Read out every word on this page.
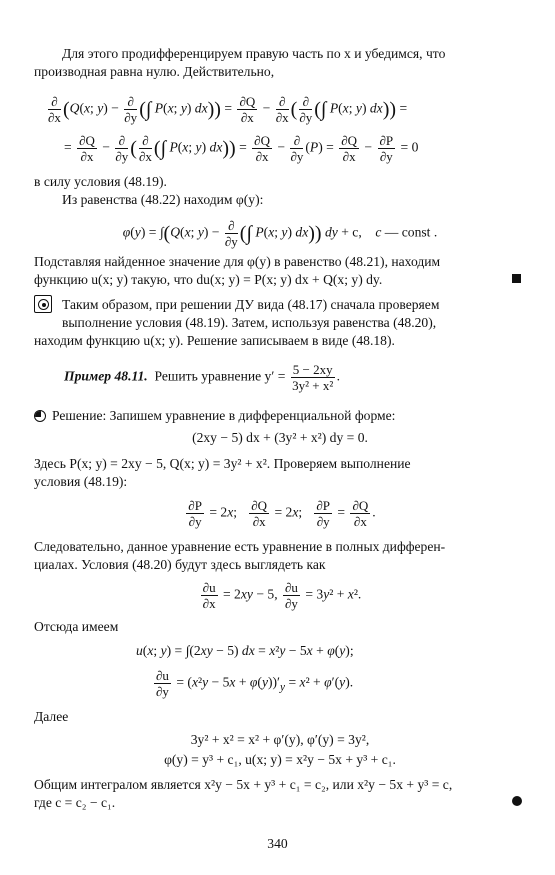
Для этого продифференцируем правую часть по x и убедимся, что
производная равна нулю. Действительно,
∂
∂x (Q(x; y) − ∂
∂y (∫ P(x; y) $dx)) = \frac{\partial Q}{\partial x}$ − ∂
∂x ( ∂
∂y (∫ P(x; y) dx)) =
= $\frac{\partial Q}{\partial x}$ − ∂
∂y ( ∂
∂x (∫ P(x; y) $dx)) = \frac{\partial Q}{\partial x}$ − ∂
∂y
$(P) = \frac{\partial Q}{\partial x} - \frac{\partial P}{\partial y} = 0$
в силу условия (48.19).
Из равенства (48.22) находим φ(y):
φ(y) = ∫(Q(x; y) − ∂
∂y (∫ P(x; y) dx)) dy + c,    c — const .
Подставляя найденное значение для φ(y) в равенство (48.21), находим
функцию u(x; y) такую, что du(x; y) = P(x; y) dx + Q(x; y) dy.
Таким образом, при решении ДУ вида (48.17) сначала проверяем
выполнение условия (48.19). Затем, используя равенства (48.20),
находим функцию u(x; y). Решение записываем в виде (48.18).
Пример 48.11. Решить уравнение $y' = \frac{5 - 2xy}{\text{3y² + x²}}$ .
Решение: Запишем уравнение в дифференциальной форме:
(2xy − 5) dx + (3y² + x²) dy = 0.
Здесь P(x; y) = 2xy − 5, Q(x; y) = 3y² + x². Проверяем выполнение
условия (48.19):
$\frac{\partial P}{\partial y} = 2x$; $\frac{\partial Q}{\partial x} = 2x$; $\frac{\partial P}{\partial y} = \frac{\partial Q}{\partial x}$ .
Следовательно, данное уравнение есть уравнение в полных дифферен-
циалах. Условия (48.20) будут здесь выглядеть как
$\frac{\partial u}{\partial x} = 2xy - 5$, $\frac{\partial u}{\partial y} = 3y^2 + x^2$.
Отсюда имеем
u(x; y) = ∫(2xy − 5) dx = x²y − 5x + φ(y);
$\frac{\partial u}{\partial y} = (x^2y - 5x + \varphi(y))'_y = x^2 + \varphi'(y)$.
Далее
3y² + x² = x² + φ′(y), φ′(y) = 3y²,
φ(y) = y³ + c₁, u(x; y) = x²y − 5x + y³ + c₁.
Общим интегралом является x²y − 5x + y³ + c₁ = c₂, или x²y − 5x + y³ = c,
где c = c₂ − c₁.
340
